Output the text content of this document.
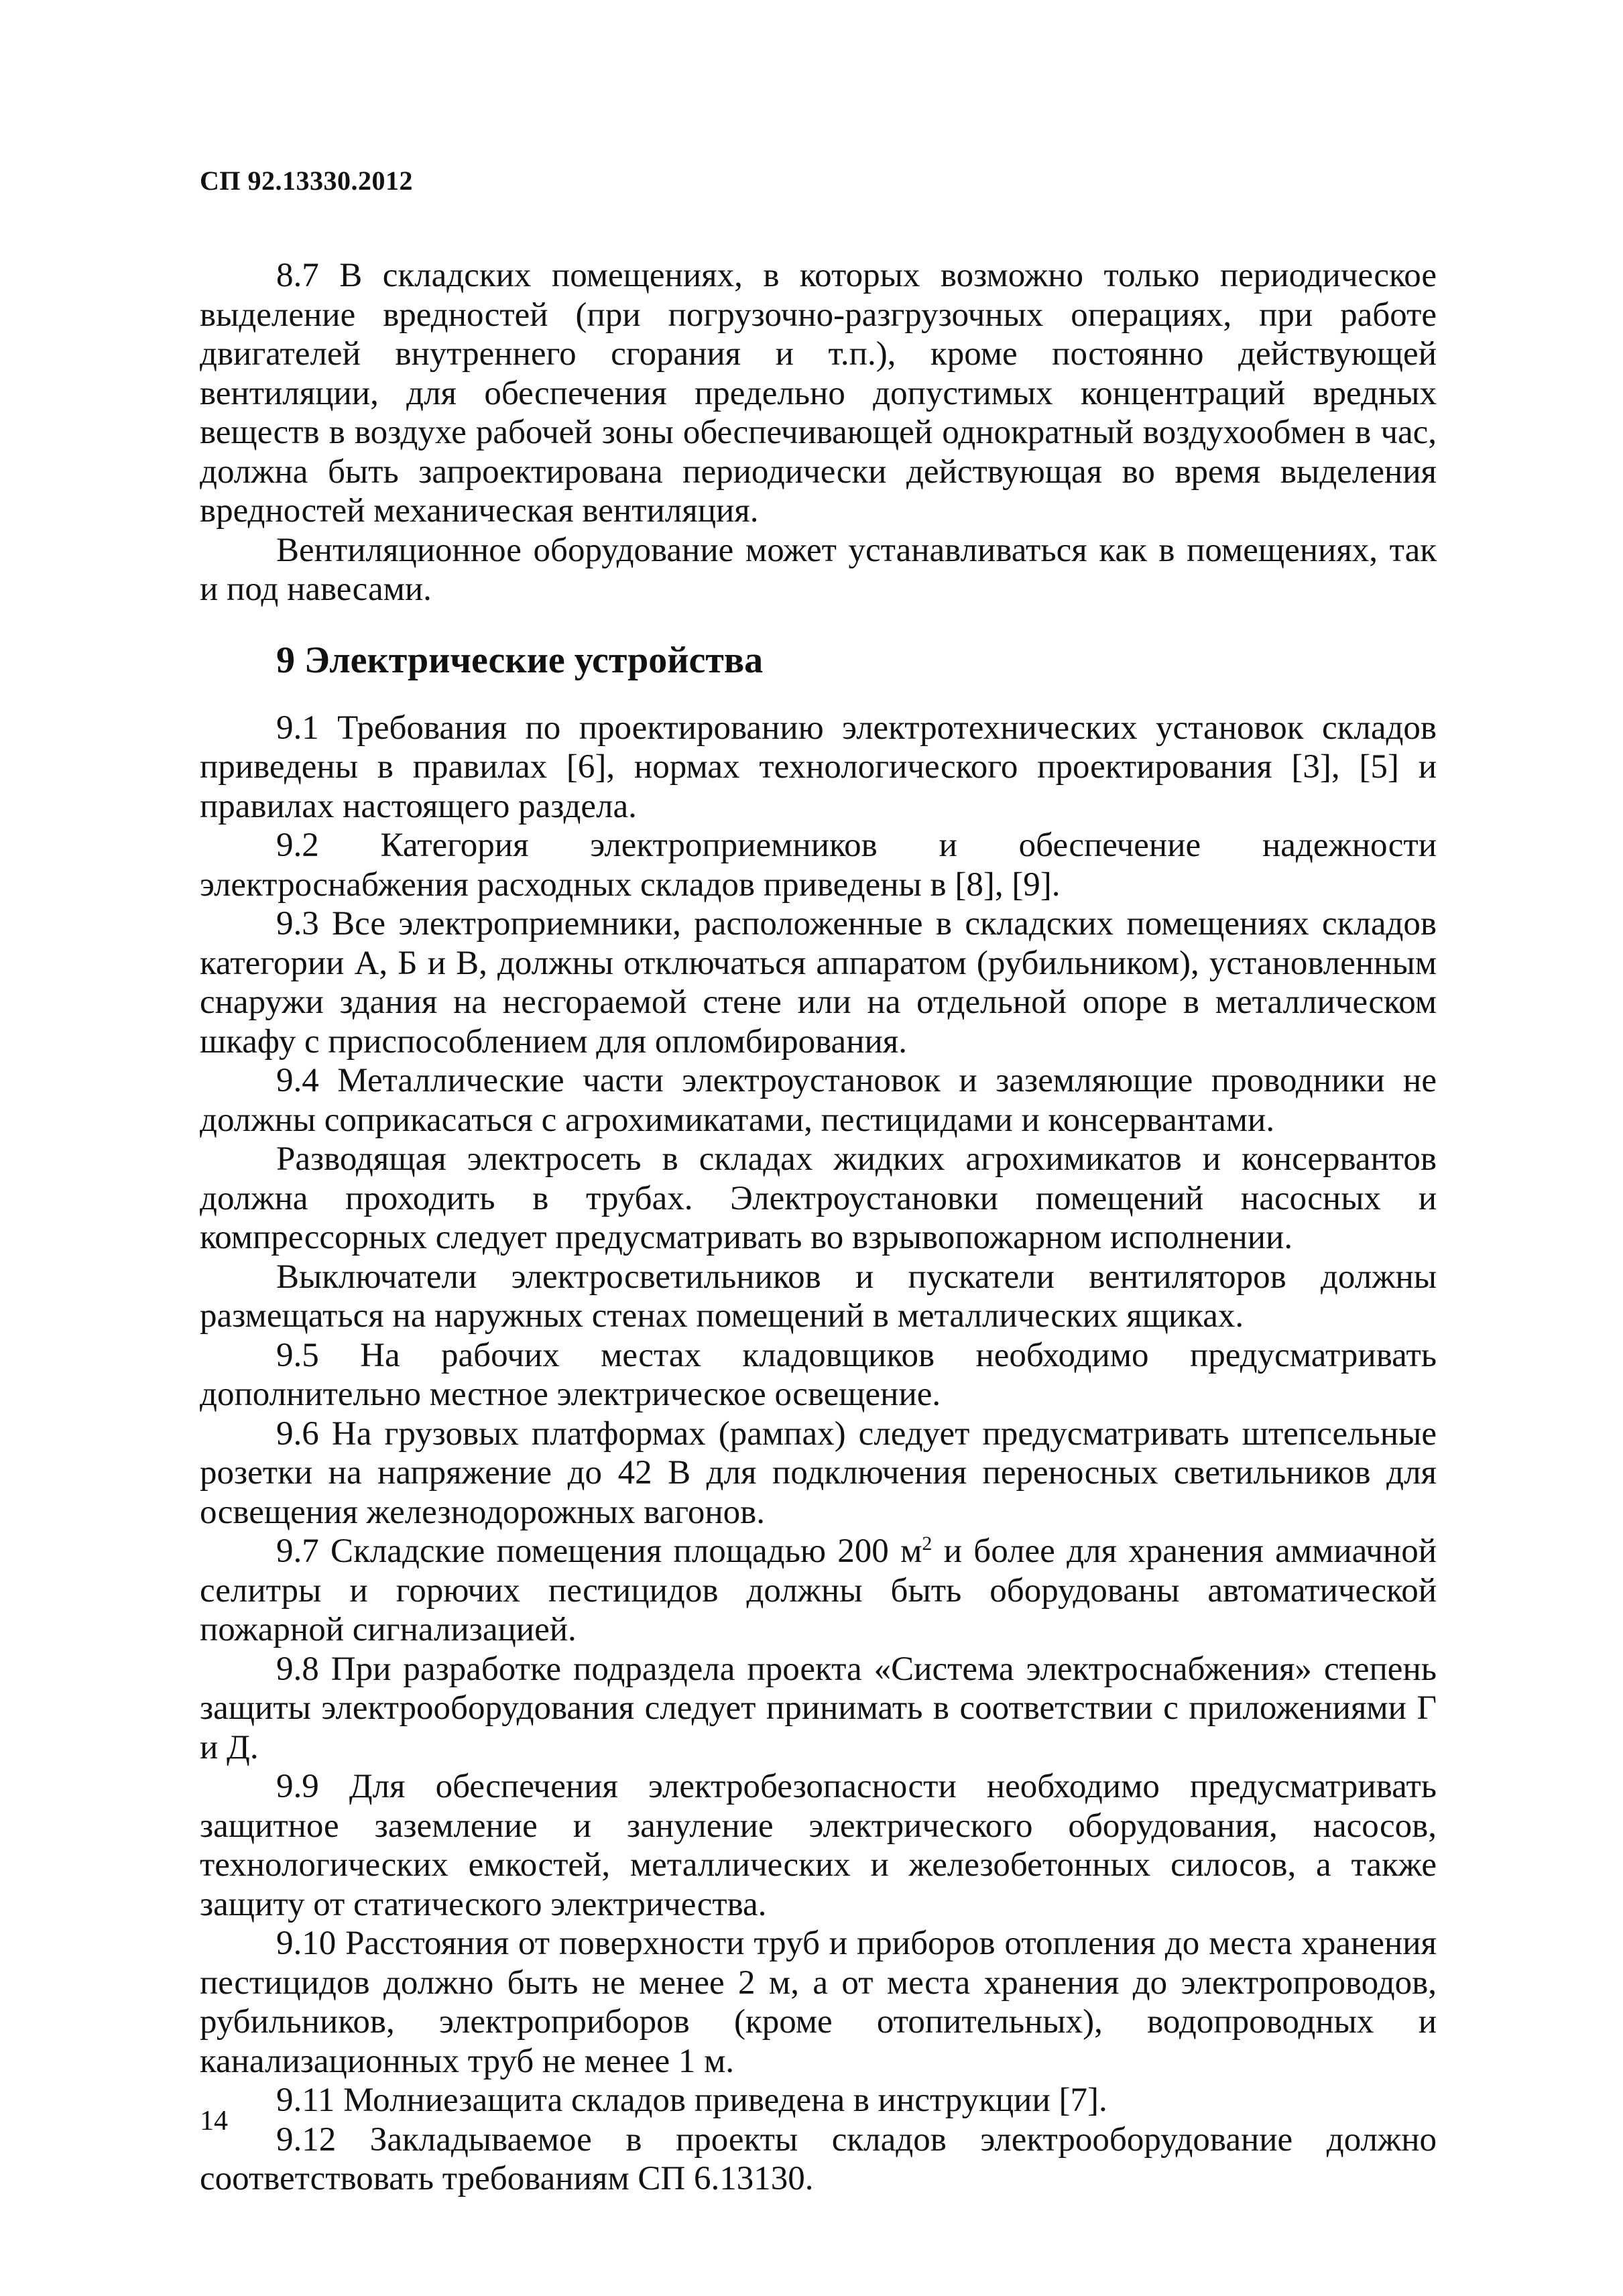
СП 92.13330.2012

8.7 В складских помещениях, в которых возможно только периодическое выделение вредностей (при погрузочно-разгрузочных операциях, при работе двигателей внутреннего сгорания и т.п.), кроме постоянно действующей вентиляции, для обеспечения предельно допустимых концентраций вредных веществ в воздухе рабочей зоны обеспечивающей однократный воздухообмен в час, должна быть запроектирована периодически действующая во время выделения вредностей механическая вентиляция.

Вентиляционное оборудование может устанавливаться как в помещениях, так и под навесами.

9 Электрические устройства

9.1 Требования по проектированию электротехнических установок складов приведены в правилах [6], нормах технологического проектирования [3], [5] и правилах настоящего раздела.

9.2 Категория электроприемников и обеспечение надежности электроснабжения расходных складов приведены в [8], [9].

9.3 Все электроприемники, расположенные в складских помещениях складов категории А, Б и В, должны отключаться аппаратом (рубильником), установленным снаружи здания на несгораемой стене или на отдельной опоре в металлическом шкафу с приспособлением для опломбирования.

9.4 Металлические части электроустановок и заземляющие проводники не должны соприкасаться с агрохимикатами, пестицидами и консервантами.

Разводящая электросеть в складах жидких агрохимикатов и консервантов должна проходить в трубах. Электроустановки помещений насосных и компрессорных следует предусматривать во взрывопожарном исполнении.

Выключатели электросветильников и пускатели вентиляторов должны размещаться на наружных стенах помещений в металлических ящиках.

9.5 На рабочих местах кладовщиков необходимо предусматривать дополнительно местное электрическое освещение.

9.6 На грузовых платформах (рампах) следует предусматривать штепсельные розетки на напряжение до 42 В для подключения переносных светильников для освещения железнодорожных вагонов.

9.7 Складские помещения площадью 200 $м^2$ и более для хранения аммиачной селитры и горючих пестицидов должны быть оборудованы автоматической пожарной сигнализацией.

9.8 При разработке подраздела проекта «Система электроснабжения» степень защиты электрооборудования следует принимать в соответствии с приложениями Г и Д.

9.9 Для обеспечения электробезопасности необходимо предусматривать защитное заземление и зануление электрического оборудования, насосов, технологических емкостей, металлических и железобетонных силосов, а также защиту от статического электричества.

9.10 Расстояния от поверхности труб и приборов отопления до места хранения пестицидов должно быть не менее 2 м, а от места хранения до электропроводов, рубильников, электроприборов (кроме отопительных), водопроводных и канализационных труб не менее 1 м.

9.11 Молниезащита складов приведена в инструкции [7].

9.12 Закладываемое в проекты складов электрооборудование должно соответствовать требованиям СП 6.13130.

14
